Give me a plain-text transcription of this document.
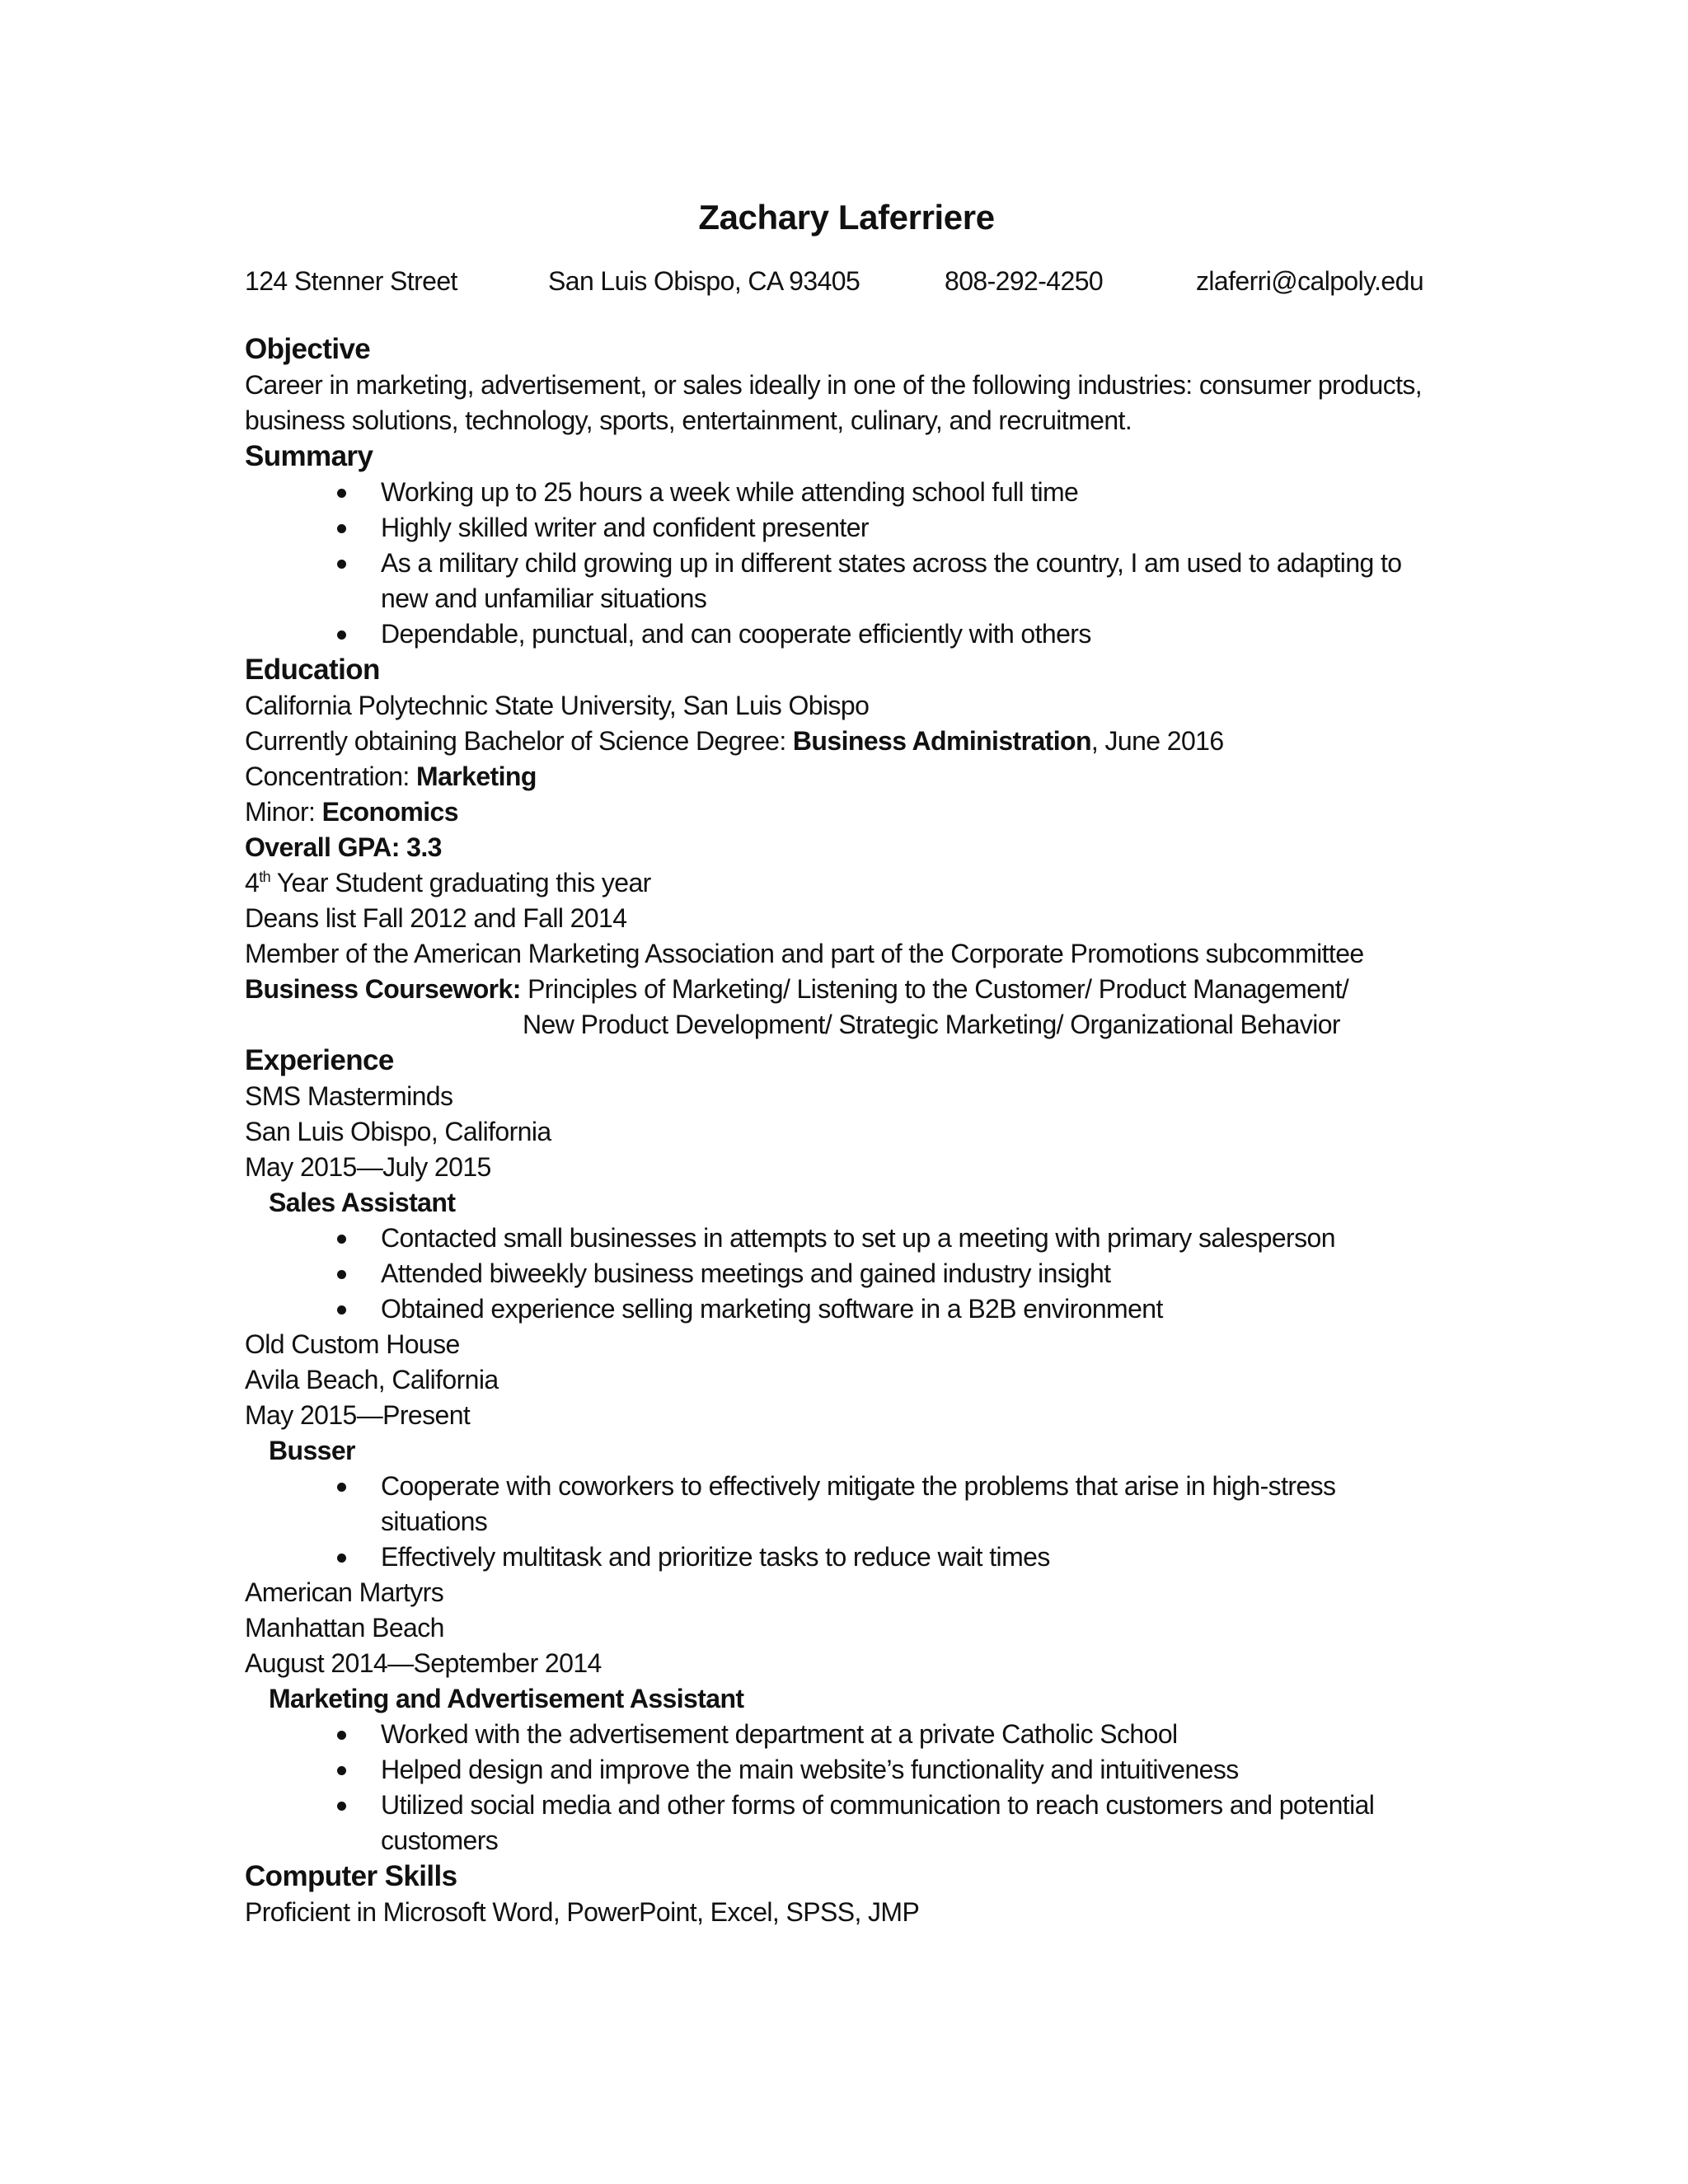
Zachary Laferriere
124 Stenner Street	San Luis Obispo, CA 93405	808-292-4250	zlaferri@calpoly.edu
Objective

Career in marketing, advertisement, or sales ideally in one of the following industries: consumer products, business solutions, technology, sports, entertainment, culinary, and recruitment.

Summary
Working up to 25 hours a week while attending school full time
Highly skilled writer and confident presenter
As a military child growing up in different states across the country, I am used to adapting to new and unfamiliar situations
Dependable, punctual, and can cooperate efficiently with others
Education

California Polytechnic State University, San Luis Obispo

Currently obtaining Bachelor of Science Degree: Business Administration, June 2016

Concentration: Marketing

Minor: Economics

Overall GPA: 3.3

4th Year Student graduating this year

Deans list Fall 2012 and Fall 2014

Member of the American Marketing Association and part of the Corporate Promotions subcommittee

Business Coursework: Principles of Marketing/ Listening to the Customer/ Product Management/

New Product Development/ Strategic Marketing/ Organizational Behavior

Experience

SMS Masterminds

San Luis Obispo, California

May 2015—July 2015

Sales Assistant

Contacted small businesses in attempts to set up a meeting with primary salesperson
Attended biweekly business meetings and gained industry insight
Obtained experience selling marketing software in a B2B environment

Old Custom House

Avila Beach, California

May 2015—Present

Busser

Cooperate with coworkers to effectively mitigate the problems that arise in high-stress situations
Effectively multitask and prioritize tasks to reduce wait times

American Martyrs

Manhattan Beach

August 2014—September 2014

Marketing and Advertisement Assistant

Worked with the advertisement department at a private Catholic School
Helped design and improve the main website’s functionality and intuitiveness
Utilized social media and other forms of communication to reach customers and potential customers
Computer Skills

Proficient in Microsoft Word, PowerPoint, Excel, SPSS, JMP
